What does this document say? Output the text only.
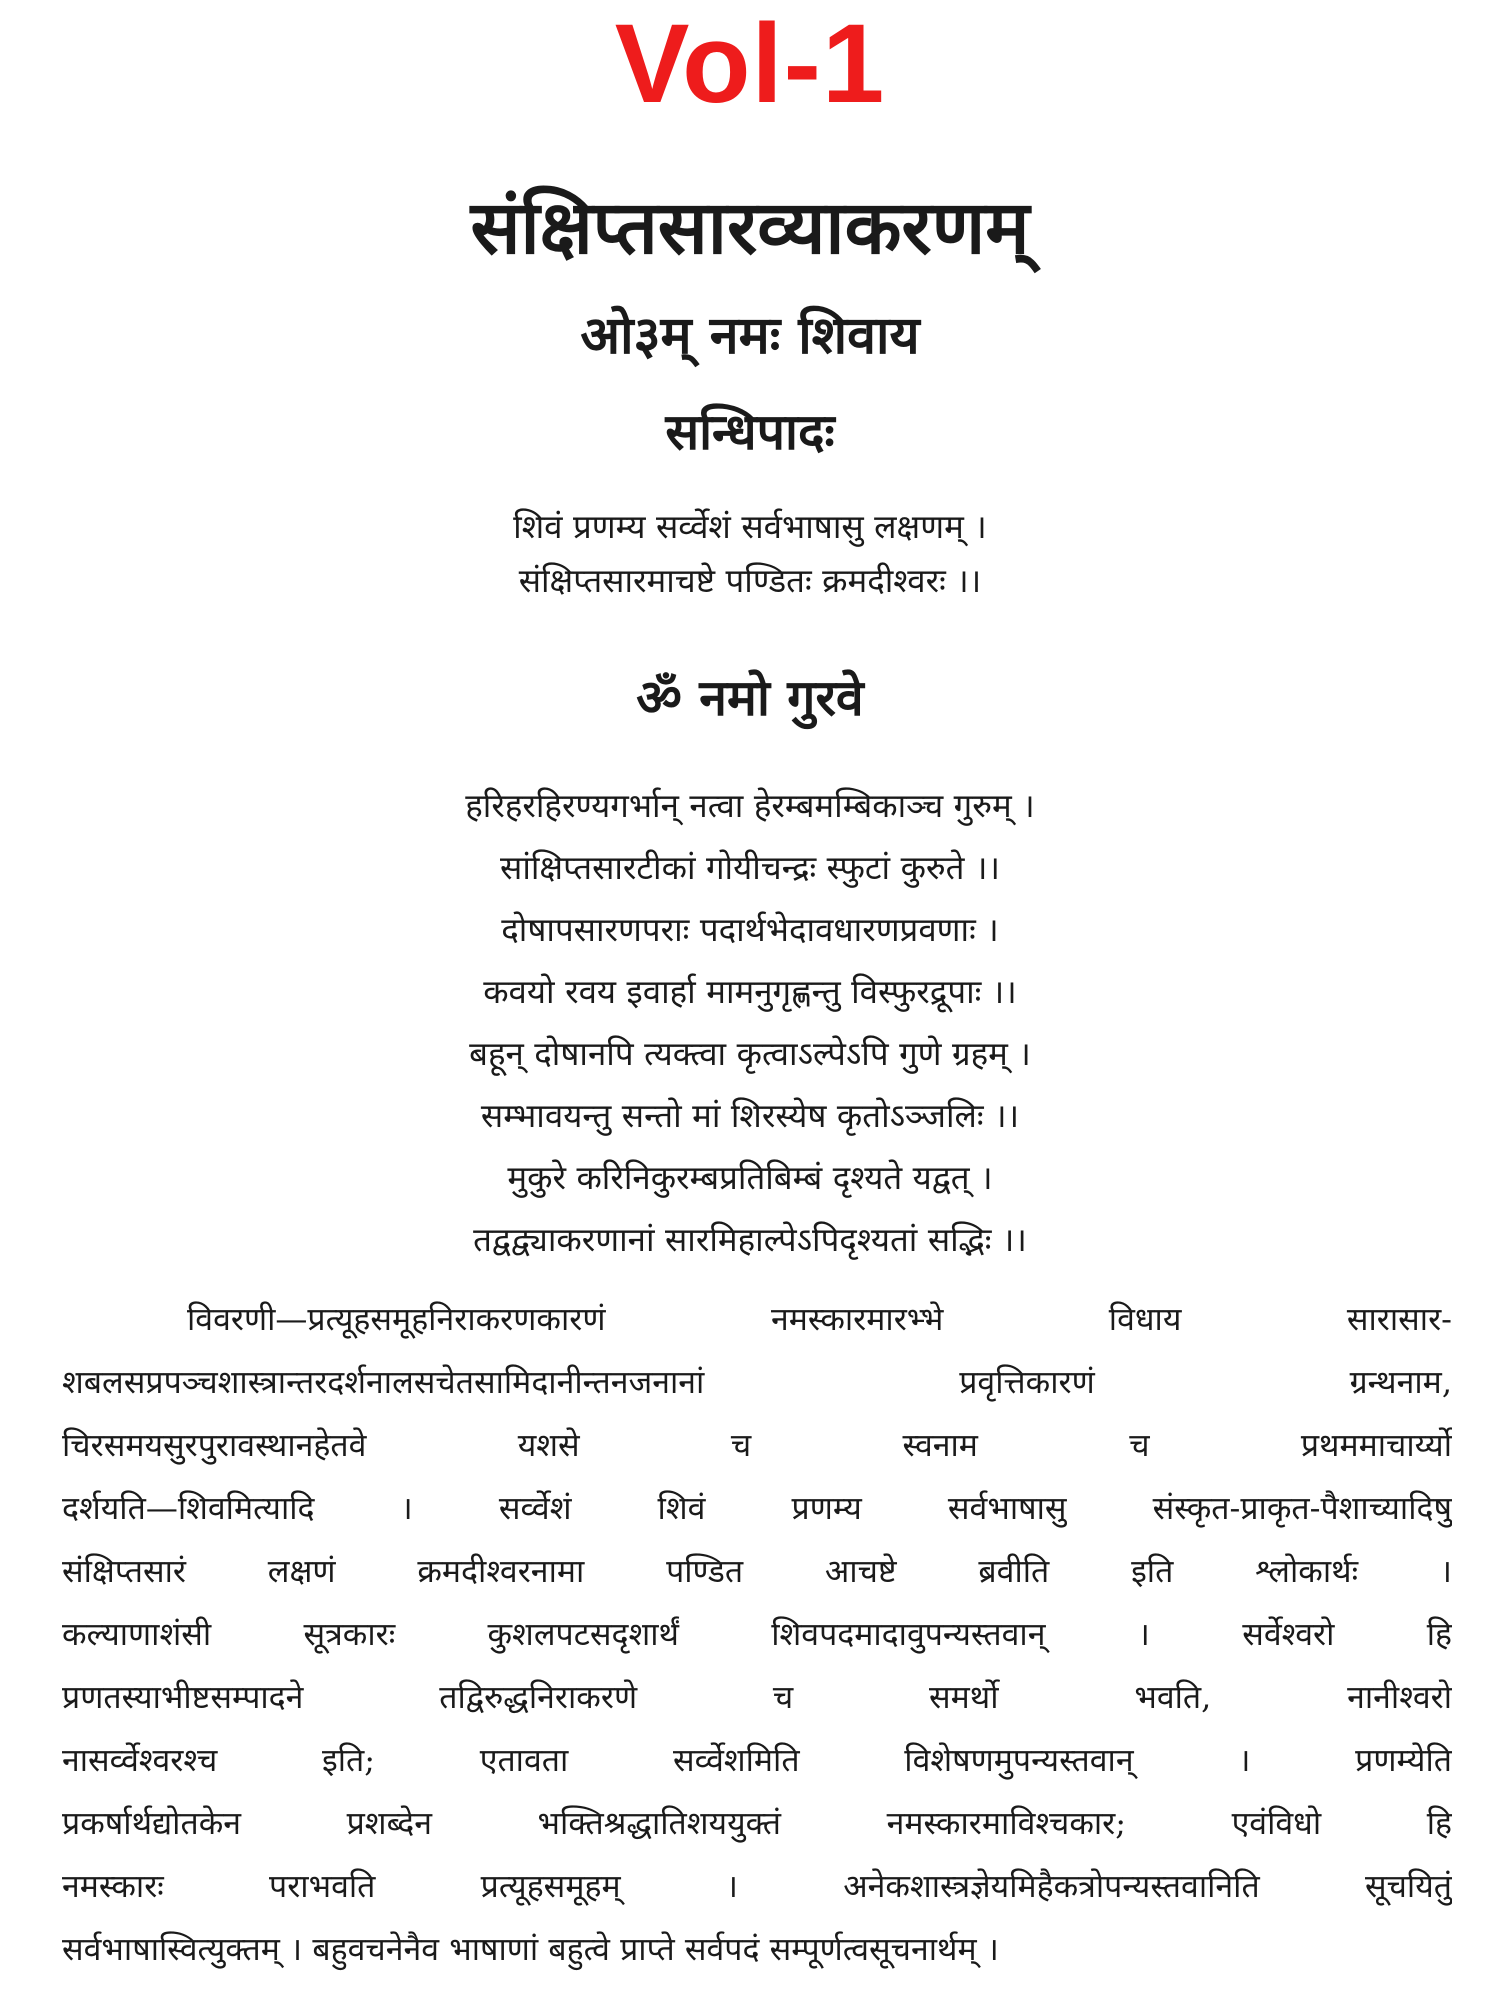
Vol-1
संक्षिप्तसारव्याकरणम्
ओ३म् नमः शिवाय
सन्धिपादः
शिवं प्रणम्य सर्व्वेशं सर्वभाषासु लक्षणम् ।
संक्षिप्तसारमाचष्टे पण्डितः क्रमदीश्वरः ।।
ॐ नमो गुरवे
हरिहरहिरण्यगर्भान् नत्वा हेरम्बमम्बिकाञ्च गुरुम् ।
सांक्षिप्तसारटीकां गोयीचन्द्रः स्फुटां कुरुते ।।
दोषापसारणपराः पदार्थभेदावधारणप्रवणाः ।
कवयो रवय इवार्हा मामनुगृह्णन्तु विस्फुरद्रूपाः ।।
बहून् दोषानपि त्यक्त्वा कृत्वाऽल्पेऽपि गुणे ग्रहम् ।
सम्भावयन्तु सन्तो मां शिरस्येष कृतोऽञ्जलिः ।।
मुकुरे करिनिकुरम्बप्रतिबिम्बं दृश्यते यद्वत् ।
तद्वद्व्याकरणानां सारमिहाल्पेऽपिदृश्यतां सद्भिः ।।
विवरणी—प्रत्यूहसमूहनिराकरणकारणं नमस्कारमारभ्भे विधाय सारासार-
शबलसप्रपञ्चशास्त्रान्तरदर्शनालसचेतसामिदानीन्तनजनानां प्रवृत्तिकारणं ग्रन्थनाम,
चिरसमयसुरपुरावस्थानहेतवे यशसे च स्वनाम च प्रथममाचार्य्यो
दर्शयति—शिवमित्यादि । सर्व्वेशं शिवं प्रणम्य सर्वभाषासु संस्कृत-प्राकृत-पैशाच्यादिषु
संक्षिप्तसारं लक्षणं क्रमदीश्वरनामा पण्डित आचष्टे ब्रवीति इति श्लोकार्थः ।
कल्याणाशंसी सूत्रकारः कुशलपटसदृशार्थं शिवपदमादावुपन्यस्तवान् । सर्वेश्वरो हि
प्रणतस्याभीष्टसम्पादने तद्विरुद्धनिराकरणे च समर्थो भवति, नानीश्वरो
नासर्व्वेश्वरश्च इति; एतावता सर्व्वेशमिति विशेषणमुपन्यस्तवान् । प्रणम्येति
प्रकर्षार्थद्योतकेन प्रशब्देन भक्तिश्रद्धातिशययुक्तं नमस्कारमाविश्चकार; एवंविधो हि
नमस्कारः पराभवति प्रत्यूहसमूहम् । अनेकशास्त्रज्ञेयमिहैकत्रोपन्यस्तवानिति सूचयितुं
सर्वभाषास्वित्युक्तम् । बहुवचनेनैव भाषाणां बहुत्वे प्राप्ते सर्वपदं सम्पूर्णत्वसूचनार्थम् ।
